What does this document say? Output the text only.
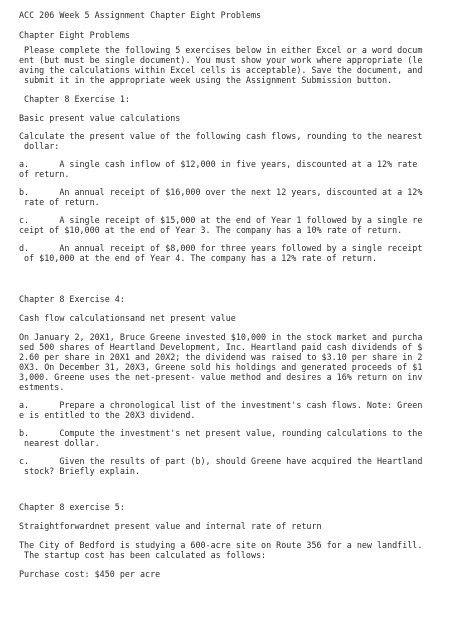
ACC 206 Week 5 Assignment Chapter Eight Problems
Chapter Eight Problems
Please complete the following 5 exercises below in either Excel or a word docum
ent (but must be single document). You must show your work where appropriate (le
aving the calculations within Excel cells is acceptable). Save the document, and
submit it in the appropriate week using the Assignment Submission button.
Chapter 8 Exercise 1:
Basic present value calculations
Calculate the present value of the following cash flows, rounding to the nearest
dollar:
a.      A single cash inflow of $12,000 in five years, discounted at a 12% rate
of return.
b.      An annual receipt of $16,000 over the next 12 years, discounted at a 12%
rate of return.
c.      A single receipt of $15,000 at the end of Year 1 followed by a single re
ceipt of $10,000 at the end of Year 3. The company has a 10% rate of return.
d.      An annual receipt of $8,000 for three years followed by a single receipt
of $10,000 at the end of Year 4. The company has a 12% rate of return.
Chapter 8 Exercise 4:
Cash flow calculationsand net present value
On January 2, 20X1, Bruce Greene invested $10,000 in the stock market and purcha
sed 500 shares of Heartland Development, Inc. Heartland paid cash dividends of $
2.60 per share in 20X1 and 20X2; the dividend was raised to $3.10 per share in 2
0X3. On December 31, 20X3, Greene sold his holdings and generated proceeds of $1
3,000. Greene uses the net-present- value method and desires a 16% return on inv
estments.
a.      Prepare a chronological list of the investment's cash flows. Note: Green
e is entitled to the 20X3 dividend.
b.      Compute the investment's net present value, rounding calculations to the
nearest dollar.
c.      Given the results of part (b), should Greene have acquired the Heartland
stock? Briefly explain.
Chapter 8 exercise 5:
Straightforwardnet present value and internal rate of return
The City of Bedford is studying a 600-acre site on Route 356 for a new landfill.
The startup cost has been calculated as follows:
Purchase cost: $450 per acre
